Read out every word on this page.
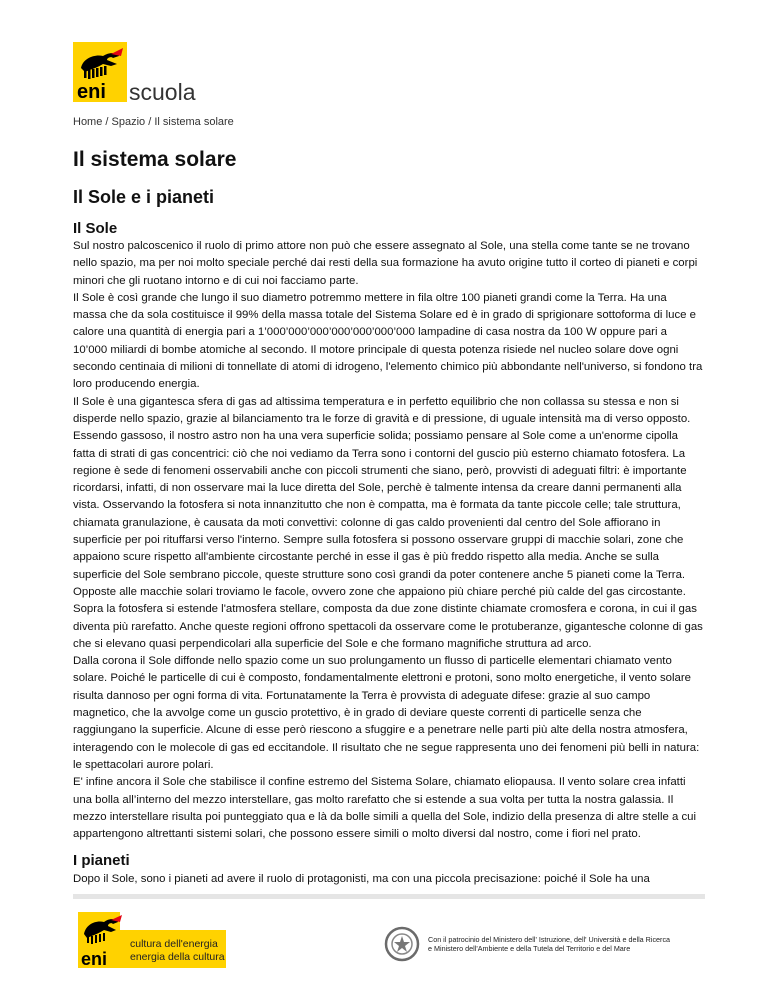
eni scuola
Home / Spazio / Il sistema solare
Il sistema solare
Il Sole e i pianeti
Il Sole

Sul nostro palcoscenico il ruolo di primo attore non può che essere assegnato al Sole, una stella come tante se ne trovano nello spazio, ma per noi molto speciale perché dai resti della sua formazione ha avuto origine tutto il corteo di pianeti e corpi minori che gli ruotano intorno e di cui noi facciamo parte.

Il Sole è così grande che lungo il suo diametro potremmo mettere in fila oltre 100 pianeti grandi come la Terra. Ha una massa che da sola costituisce il 99% della massa totale del Sistema Solare ed è in grado di sprigionare sottoforma di luce e calore una quantità di energia pari a 1’000’000’000’000’000’000’000 lampadine di casa nostra da 100 W oppure pari a 10’000 miliardi di bombe atomiche al secondo. Il motore principale di questa potenza risiede nel nucleo solare dove ogni secondo centinaia di milioni di tonnellate di atomi di idrogeno, l'elemento chimico più abbondante nell'universo, si fondono tra loro producendo energia.

Il Sole è una gigantesca sfera di gas ad altissima temperatura e in perfetto equilibrio che non collassa su stessa e non si disperde nello spazio, grazie al bilanciamento tra le forze di gravità e di pressione, di uguale intensità ma di verso opposto.

Essendo gassoso, il nostro astro non ha una vera superficie solida; possiamo pensare al Sole come a un'enorme cipolla fatta di strati di gas concentrici: ciò che noi vediamo da Terra sono i contorni del guscio più esterno chiamato fotosfera. La regione è sede di fenomeni osservabili anche con piccoli strumenti che siano, però, provvisti di adeguati filtri: è importante ricordarsi, infatti, di non osservare mai la luce diretta del Sole, perchè è talmente intensa da creare danni permanenti alla vista. Osservando la fotosfera si nota innanzitutto che non è compatta, ma è formata da tante piccole celle; tale struttura, chiamata granulazione, è causata da moti convettivi: colonne di gas caldo provenienti dal centro del Sole affiorano in superficie per poi rituffarsi verso l'interno. Sempre sulla fotosfera si possono osservare gruppi di macchie solari, zone che appaiono scure rispetto all'ambiente circostante perché in esse il gas è più freddo rispetto alla media. Anche se sulla superficie del Sole sembrano piccole, queste strutture sono così grandi da poter contenere anche 5 pianeti come la Terra. Opposte alle macchie solari troviamo le facole, ovvero zone che appaiono più chiare perché più calde del gas circostante.

Sopra la fotosfera si estende l'atmosfera stellare, composta da due zone distinte chiamate cromosfera e corona, in cui il gas diventa più rarefatto. Anche queste regioni offrono spettacoli da osservare come le protuberanze, gigantesche colonne di gas che si elevano quasi perpendicolari alla superficie del Sole e che formano magnifiche struttura ad arco.

Dalla corona il Sole diffonde nello spazio come un suo prolungamento un flusso di particelle elementari chiamato vento solare. Poiché le particelle di cui è composto, fondamentalmente elettroni e protoni, sono molto energetiche, il vento solare risulta dannoso per ogni forma di vita. Fortunatamente la Terra è provvista di adeguate difese: grazie al suo campo magnetico, che la avvolge come un guscio protettivo, è in grado di deviare queste correnti di particelle senza che raggiungano la superficie. Alcune di esse però riescono a sfuggire e a penetrare nelle parti più alte della nostra atmosfera, interagendo con le molecole di gas ed eccitandole. Il risultato che ne segue rappresenta uno dei fenomeni più belli in natura: le spettacolari aurore polari.

E' infine ancora il Sole che stabilisce il confine estremo del Sistema Solare, chiamato eliopausa. Il vento solare crea infatti una bolla all’interno del mezzo interstellare, gas molto rarefatto che si estende a sua volta per tutta la nostra galassia. Il mezzo interstellare risulta poi punteggiato qua e là da bolle simili a quella del Sole, indizio della presenza di altre stelle a cui appartengono altrettanti sistemi solari, che possono essere simili o molto diversi dal nostro, come i fiori nel prato.

I pianeti
Dopo il Sole, sono i pianeti ad avere il ruolo di protagonisti, ma con una piccola precisazione: poiché il Sole ha una
eni
cultura dell'energia
energia della cultura
Con il patrocinio del Ministero dell' Istruzione, dell' Università e della Ricerca
e Ministero dell'Ambiente e della Tutela del Territorio e del Mare
